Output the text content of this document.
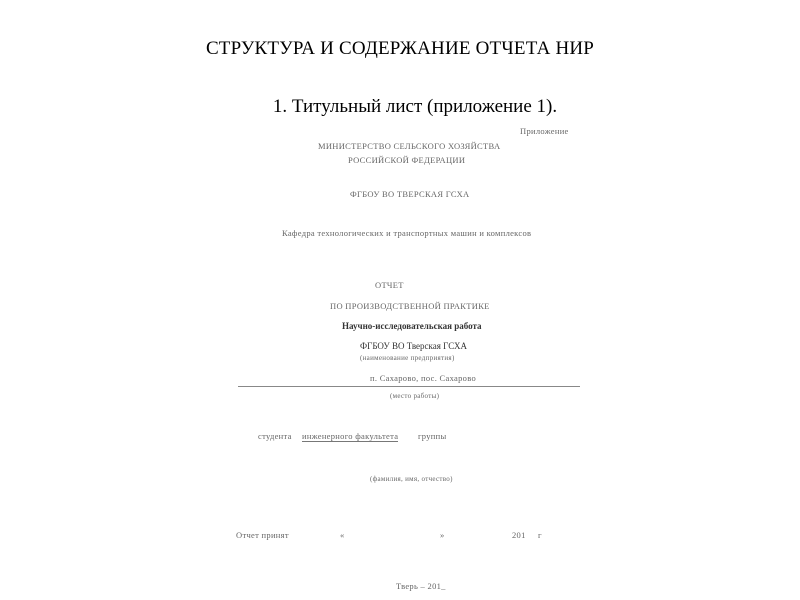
СТРУКТУРА И СОДЕРЖАНИЕ ОТЧЕТА НИР
1. Титульный лист (приложение 1).
Приложение
МИНИСТЕРСТВО СЕЛЬСКОГО ХОЗЯЙСТВА
РОССИЙСКОЙ ФЕДЕРАЦИИ
ФГБОУ ВО ТВЕРСКАЯ ГСХА
Кафедра технологических и транспортных машин и комплексов
ОТЧЕТ
ПО ПРОИЗВОДСТВЕННОЙ ПРАКТИКЕ
Научно-исследовательская работа
ФГБОУ ВО Тверская ГСХА
(наименование предприятия)
п. Сахарово, пос. Сахарово
(место работы)
студента инженерного факультета группы
(фамилия, имя, отчество)
Отчет принят	«	»	201 г
Тверь – 201_
